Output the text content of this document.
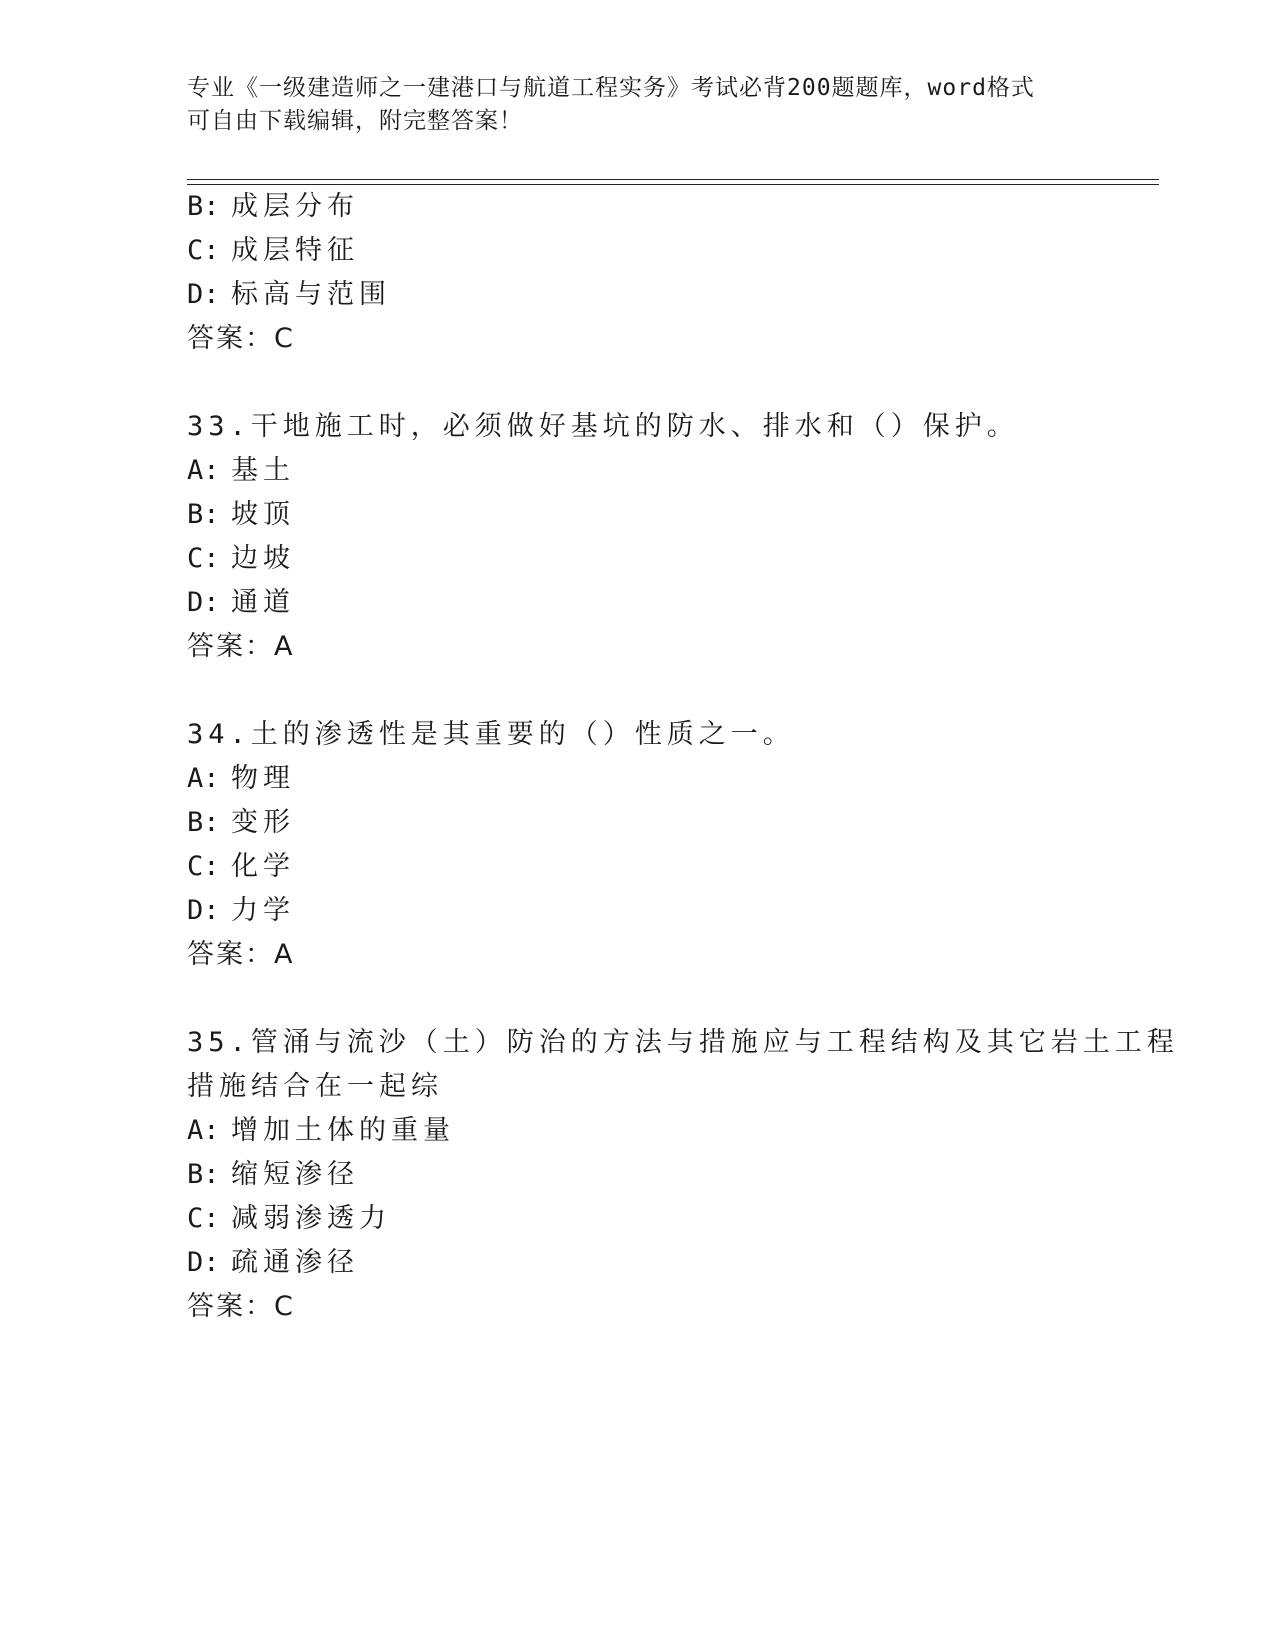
专业《一级建造师之一建港口与航道工程实务》考试必背200题题库，word格式
可自由下载编辑，附完整答案！
B: 成层分布
C: 成层特征
D: 标高与范围
答案：C
33.干地施工时，必须做好基坑的防水、排水和（）保护。
A: 基土
B: 坡顶
C: 边坡
D: 通道
答案：A
34.土的渗透性是其重要的（）性质之一。
A: 物理
B: 变形
C: 化学
D: 力学
答案：A
35.管涌与流沙（土）防治的方法与措施应与工程结构及其它岩土工程
措施结合在一起综
A: 增加土体的重量
B: 缩短渗径
C: 减弱渗透力
D: 疏通渗径
答案：C
